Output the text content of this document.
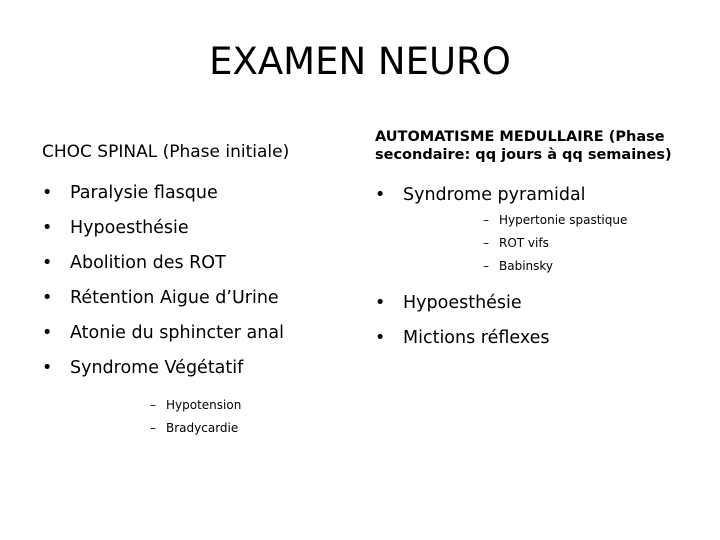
EXAMEN NEURO
CHOC SPINAL (Phase initiale)
• Paralysie flasque
• Hypoesthésie
• Abolition des ROT
• Rétention Aigue d’Urine
• Atonie du sphincter anal
• Syndrome Végétatif
– Hypotension
– Bradycardie
AUTOMATISME MEDULLAIRE (Phase secondaire: qq jours à qq semaines)
• Syndrome pyramidal
– Hypertonie spastique
– ROT vifs
– Babinsky
• Hypoesthésie
• Mictions réflexes
